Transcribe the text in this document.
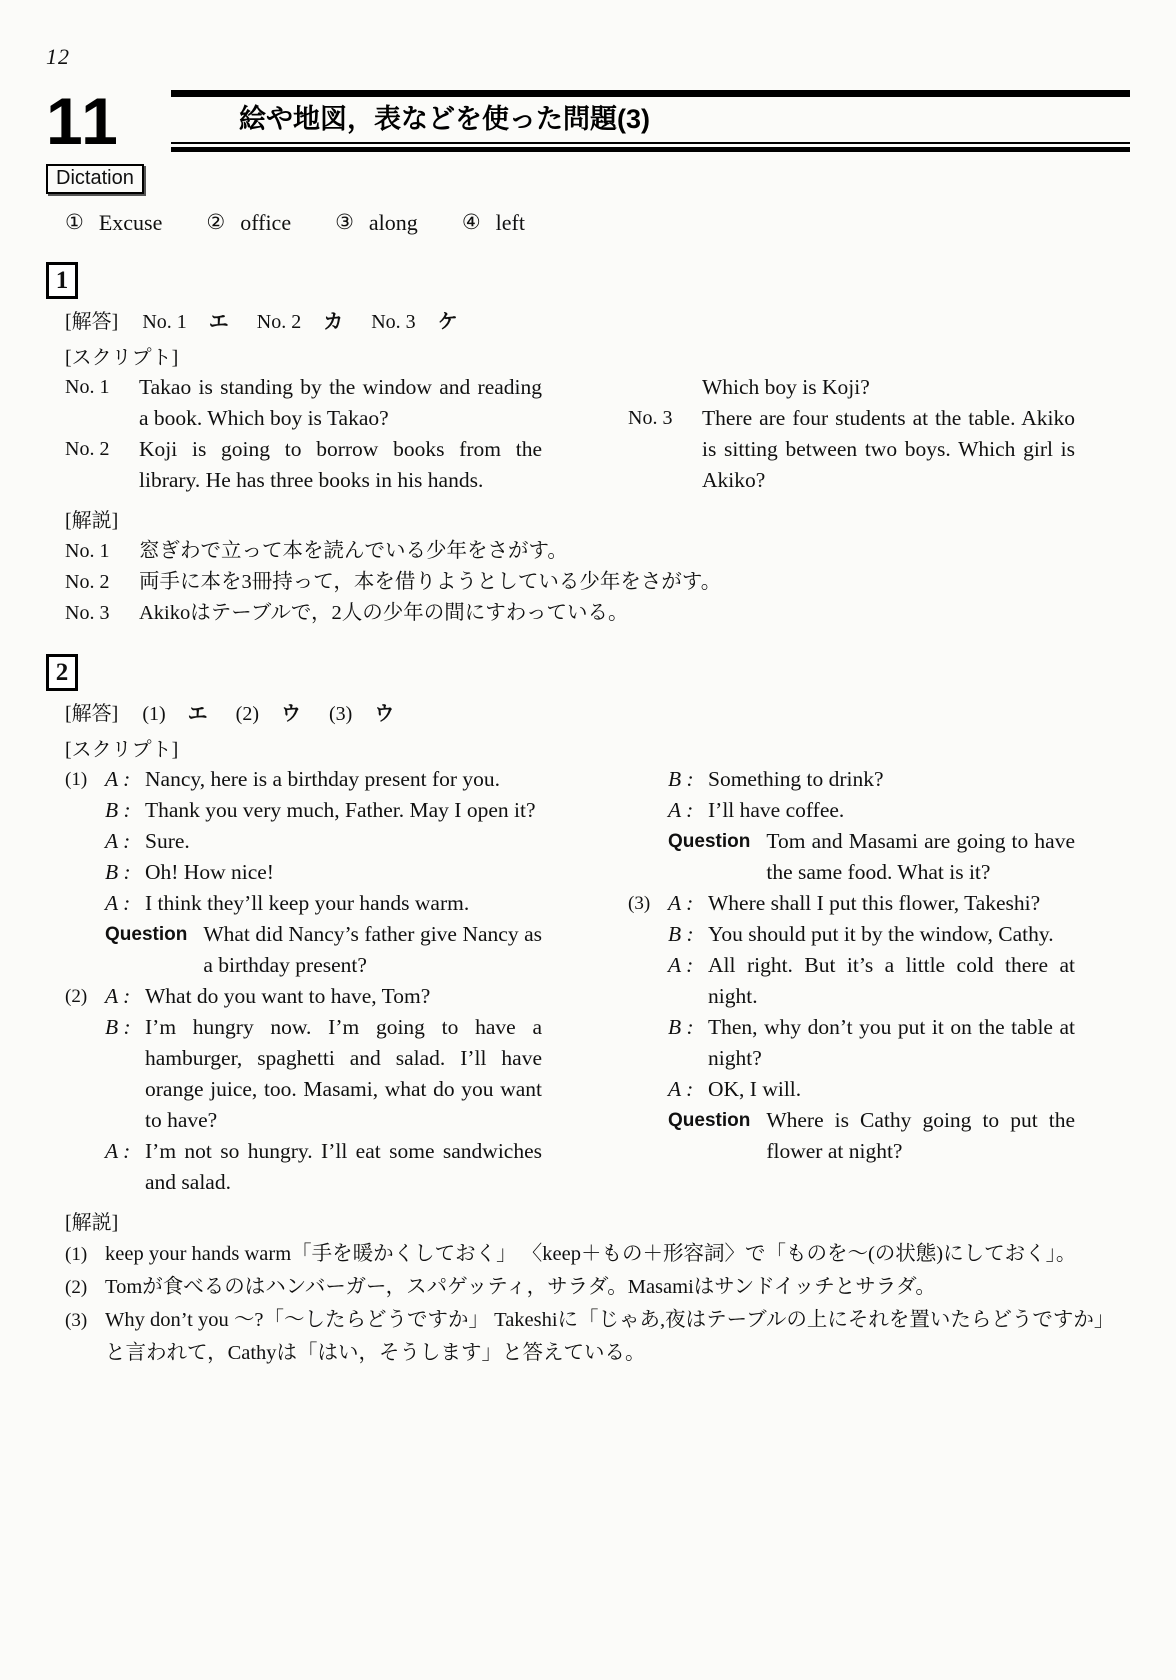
12
11	絵や地図，表などを使った問題(3)
Dictation
① Excuse ② office ③ along ④ left
1
[解答] No. 1 エ
No. 2 カ
No. 3 ケ
[スクリプト]
No. 1	Takao is standing by the window and reading a book. Which boy is Takao?
No. 2	Koji is going to borrow books from the library. He has three books in his hands.
Which boy is Koji?
No. 3	There are four students at the table. Akiko is sitting between two boys. Which girl is Akiko?
[解説]
No. 1	窓ぎわで立って本を読んでいる少年をさがす。
No. 2	両手に本を3冊持って，本を借りようとしている少年をさがす。
No. 3	Akikoはテーブルで，2人の少年の間にすわっている。
2
[解答] (1) エ
(2) ウ
(3) ウ
[スクリプト]
(1) A : Nancy, here is a birthday present for you.
B : Thank you very much, Father. May I open it?
A : Sure.
B : Oh! How nice!
A : I think they’ll keep your hands warm.
Question What did Nancy’s father give Nancy as a birthday present?
(2) A : What do you want to have, Tom?
B : I’m hungry now. I’m going to have a hamburger, spaghetti and salad. I’ll have orange juice, too. Masami, what do you want to have?
A : I’m not so hungry. I’ll eat some sandwiches and salad.
B : Something to drink?
A : I’ll have coffee.
Question Tom and Masami are going to have the same food. What is it?
(3) A : Where shall I put this flower, Takeshi?
B : You should put it by the window, Cathy.
A : All right. But it’s a little cold there at night.
B : Then, why don’t you put it on the table at night?
A : OK, I will.
Question Where is Cathy going to put the flower at night?
[解説]
(1) keep your hands warm「手を暖かくしておく」 〈keep＋もの＋形容詞〉で「ものを～(の状態)にしておく」。
(2) Tomが食べるのはハンバーガー，スパゲッティ，サラダ。Masamiはサンドイッチとサラダ。
(3) Why don’t you ～?「～したらどうですか」 Takeshiに「じゃあ,夜はテーブルの上にそれを置いたらどうですか」と言われて，Cathyは「はい，そうします」と答えている。
